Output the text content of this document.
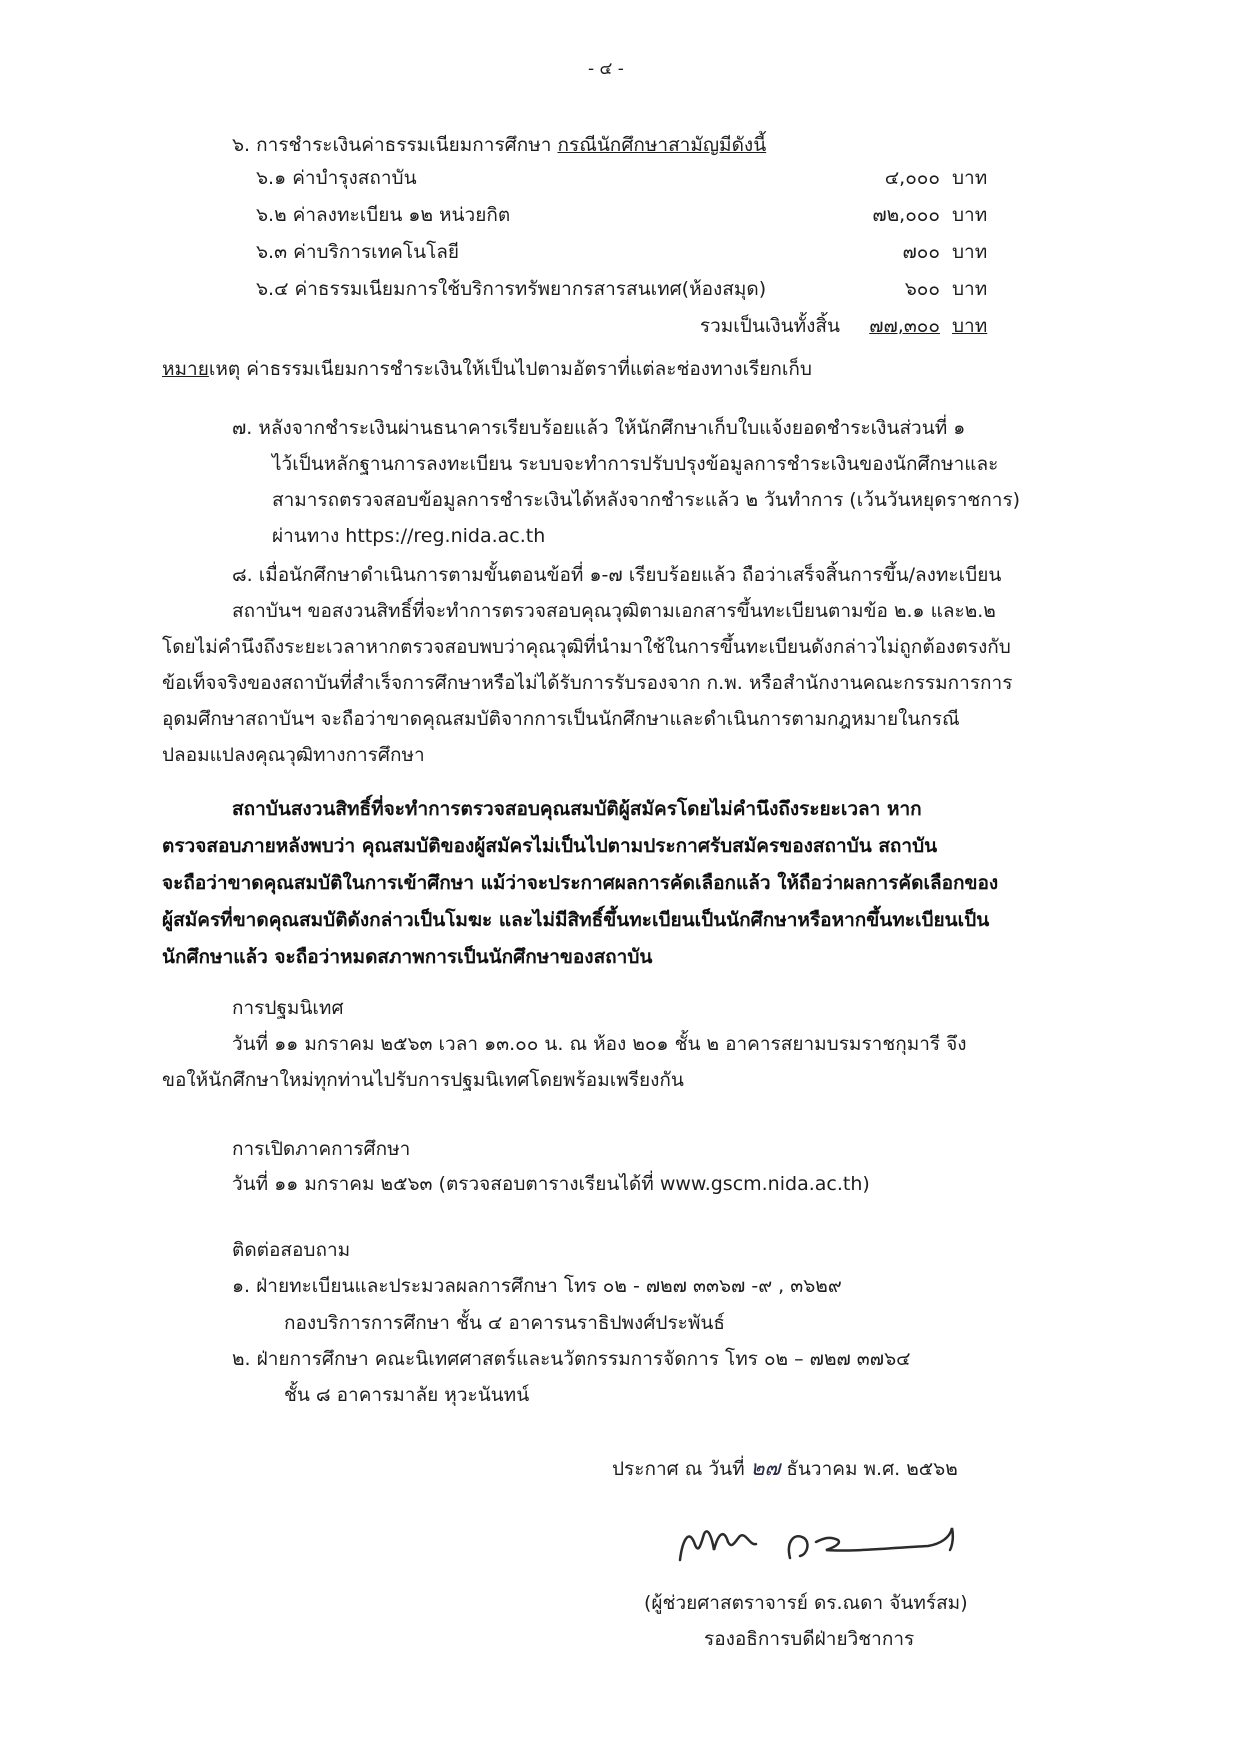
- ๔ -
๖. การชำระเงินค่าธรรมเนียมการศึกษา กรณีนักศึกษาสามัญมีดังนี้
๖.๑ ค่าบำรุงสถาบัน	๔,๐๐๐ บาท
๖.๒ ค่าลงทะเบียน ๑๒ หน่วยกิต	๗๒,๐๐๐ บาท
๖.๓ ค่าบริการเทคโนโลยี	๗๐๐ บาท
๖.๔ ค่าธรรมเนียมการใช้บริการทรัพยากรสารสนเทศ(ห้องสมุด)	๖๐๐ บาท
รวมเป็นเงินทั้งสิ้น	๗๗,๓๐๐ บาท
หมายเหตุ ค่าธรรมเนียมการชำระเงินให้เป็นไปตามอัตราที่แต่ละช่องทางเรียกเก็บ
๗. หลังจากชำระเงินผ่านธนาคารเรียบร้อยแล้ว ให้นักศึกษาเก็บใบแจ้งยอดชำระเงินส่วนที่ ๑
ไว้เป็นหลักฐานการลงทะเบียน ระบบจะทำการปรับปรุงข้อมูลการชำระเงินของนักศึกษาและ
สามารถตรวจสอบข้อมูลการชำระเงินได้หลังจากชำระแล้ว ๒ วันทำการ (เว้นวันหยุดราชการ)
ผ่านทาง https://reg.nida.ac.th
๘. เมื่อนักศึกษาดำเนินการตามขั้นตอนข้อที่ ๑-๗ เรียบร้อยแล้ว ถือว่าเสร็จสิ้นการขึ้น/ลงทะเบียน
สถาบันฯ ขอสงวนสิทธิ์ที่จะทำการตรวจสอบคุณวุฒิตามเอกสารขึ้นทะเบียนตามข้อ ๒.๑ และ๒.๒
โดยไม่คำนึงถึงระยะเวลาหากตรวจสอบพบว่าคุณวุฒิที่นำมาใช้ในการขึ้นทะเบียนดังกล่าวไม่ถูกต้องตรงกับ
ข้อเท็จจริงของสถาบันที่สำเร็จการศึกษาหรือไม่ได้รับการรับรองจาก ก.พ. หรือสำนักงานคณะกรรมการการ
อุดมศึกษาสถาบันฯ จะถือว่าขาดคุณสมบัติจากการเป็นนักศึกษาและดำเนินการตามกฎหมายในกรณี
ปลอมแปลงคุณวุฒิทางการศึกษา
สถาบันสงวนสิทธิ์ที่จะทำการตรวจสอบคุณสมบัติผู้สมัครโดยไม่คำนึงถึงระยะเวลา หาก
ตรวจสอบภายหลังพบว่า คุณสมบัติของผู้สมัครไม่เป็นไปตามประกาศรับสมัครของสถาบัน สถาบัน
จะถือว่าขาดคุณสมบัติในการเข้าศึกษา แม้ว่าจะประกาศผลการคัดเลือกแล้ว ให้ถือว่าผลการคัดเลือกของ
ผู้สมัครที่ขาดคุณสมบัติดังกล่าวเป็นโมฆะ และไม่มีสิทธิ์ขึ้นทะเบียนเป็นนักศึกษาหรือหากขึ้นทะเบียนเป็น
นักศึกษาแล้ว จะถือว่าหมดสภาพการเป็นนักศึกษาของสถาบัน
การปฐมนิเทศ
วันที่ ๑๑ มกราคม ๒๕๖๓ เวลา ๑๓.๐๐ น. ณ ห้อง ๒๐๑ ชั้น ๒ อาคารสยามบรมราชกุมารี จึง
ขอให้นักศึกษาใหม่ทุกท่านไปรับการปฐมนิเทศโดยพร้อมเพรียงกัน
การเปิดภาคการศึกษา
วันที่ ๑๑ มกราคม ๒๕๖๓ (ตรวจสอบตารางเรียนได้ที่ www.gscm.nida.ac.th)
ติดต่อสอบถาม
๑. ฝ่ายทะเบียนและประมวลผลการศึกษา โทร ๐๒ - ๗๒๗ ๓๓๖๗ -๙ , ๓๖๒๙
กองบริการการศึกษา ชั้น ๔ อาคารนราธิปพงศ์ประพันธ์
๒. ฝ่ายการศึกษา คณะนิเทศศาสตร์และนวัตกรรมการจัดการ โทร ๐๒ – ๗๒๗ ๓๗๖๔
ชั้น ๘ อาคารมาลัย หุวะนันทน์
ประกาศ ณ วันที่ ๒๗ ธันวาคม พ.ศ. ๒๕๖๒
(ผู้ช่วยศาสตราจารย์ ดร.ณดา จันทร์สม)
รองอธิการบดีฝ่ายวิชาการ
